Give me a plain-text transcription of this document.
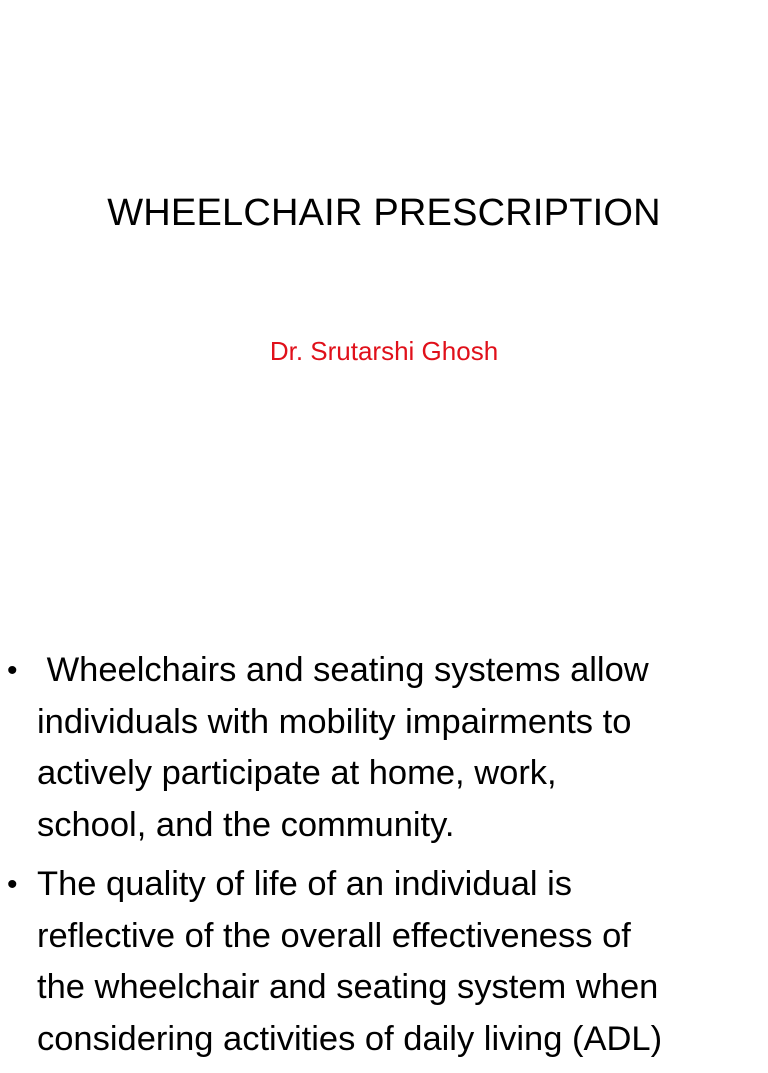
WHEELCHAIR PRESCRIPTION
Dr. Srutarshi Ghosh
• Wheelchairs and seating systems allow
individuals with mobility impairments to
actively participate at home, work,
school, and the community.
• The quality of life of an individual is
reflective of the overall effectiveness of
the wheelchair and seating system when
considering activities of daily living (ADL)
